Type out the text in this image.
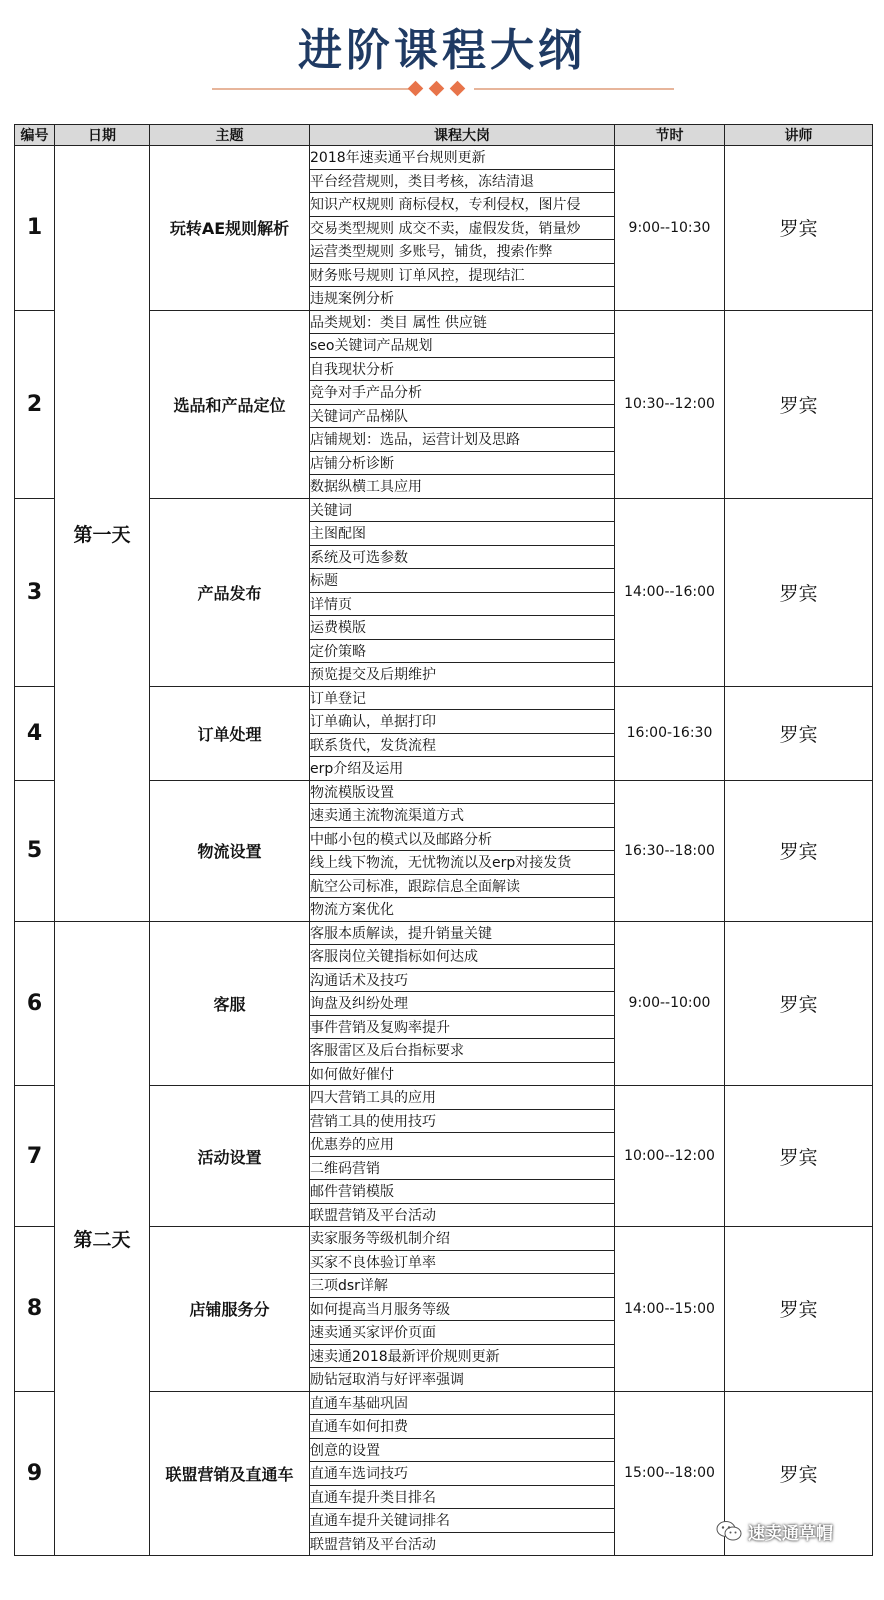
进阶课程大纲
编号	日期	主题	课程大岗	节时	讲师
1	第一天	玩转AE规则解析	2018年速卖通平台规则更新	9:00--10:30	罗宾
			平台经营规则，类目考核，冻结清退		
			知识产权规则 商标侵权，专利侵权，图片侵		
			交易类型规则 成交不卖，虚假发货，销量炒		
			运营类型规则 多账号，铺货，搜索作弊		
			财务账号规则 订单风控，提现结汇		
			违规案例分析		
2		选品和产品定位	品类规划：类目 属性 供应链	10:30--12:00	罗宾
			seo关键词产品规划		
			自我现状分析		
			竞争对手产品分析		
			关键词产品梯队		
			店铺规划：选品，运营计划及思路		
			店铺分析诊断		
			数据纵横工具应用		
3		产品发布	关键词	14:00--16:00	罗宾
			主图配图		
			系统及可选参数		
			标题		
			详情页		
			运费模版		
			定价策略		
			预览提交及后期维护		
4		订单处理	订单登记	16:00-16:30	罗宾
			订单确认，单据打印		
			联系货代，发货流程		
			erp介绍及运用		
5		物流设置	物流模版设置	16:30--18:00	罗宾
			速卖通主流物流渠道方式		
			中邮小包的模式以及邮路分析		
			线上线下物流，无忧物流以及erp对接发货		
			航空公司标准，跟踪信息全面解读		
			物流方案优化		
6	第二天	客服	客服本质解读，提升销量关键	9:00--10:00	罗宾
			客服岗位关键指标如何达成		
			沟通话术及技巧		
			询盘及纠纷处理		
			事件营销及复购率提升		
			客服雷区及后台指标要求		
			如何做好催付		
7		活动设置	四大营销工具的应用	10:00--12:00	罗宾
			营销工具的使用技巧		
			优惠券的应用		
			二维码营销		
			邮件营销模版		
			联盟营销及平台活动		
8		店铺服务分	卖家服务等级机制介绍	14:00--15:00	罗宾
			买家不良体验订单率		
			三项dsr详解		
			如何提高当月服务等级		
			速卖通买家评价页面		
			速卖通2018最新评价规则更新		
			励钻冠取消与好评率强调		
9		联盟营销及直通车	直通车基础巩固	15:00--18:00	罗宾
			直通车如何扣费		
			创意的设置		
			直通车选词技巧		
			直通车提升类目排名		
			直通车提升关键词排名		
			联盟营销及平台活动		
速卖通草帽
